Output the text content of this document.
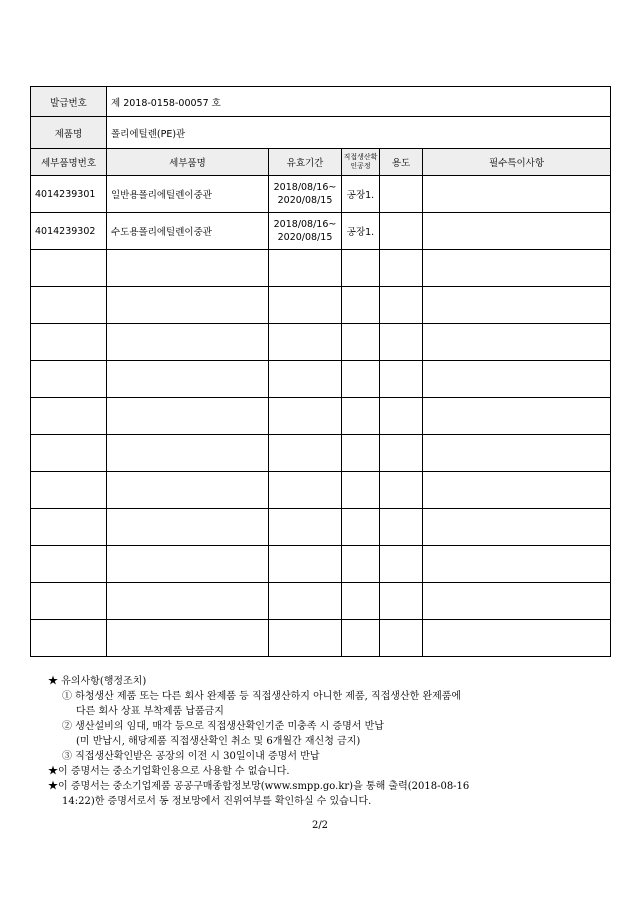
발급번호	제 2018-0158-00057 호				
제품명	폴리에틸렌(PE)관				
세부품명번호	세부품명	유효기간	직접생산확인공정	용도	필수특이사항
4014239301	일반용폴리에틸렌이중관	2018/08/16~ 2020/08/15	공장1.		
4014239302	수도용폴리에틸렌이중관	2018/08/16~ 2020/08/15	공장1.		

★ 유의사항(행정조치)
① 하청생산 제품 또는 다른 회사 완제품 등 직접생산하지 아니한 제품, 직접생산한 완제품에
다른 회사 상표 부착제품 납품금지
② 생산설비의 임대, 매각 등으로 직접생산확인기준 미충족 시 증명서 반납
(미 반납시, 해당제품 직접생산확인 취소 및 6개월간 재신청 금지)
③ 직접생산확인받은 공장의 이전 시 30일이내 증명서 반납
★이 증명서는 중소기업확인용으로 사용할 수 없습니다.
★이 증명서는 중소기업제품 공공구매종합정보망(www.smpp.go.kr)을 통해 출력(2018-08-16
14:22)한 증명서로서 동 정보망에서 진위여부를 확인하실 수 있습니다.
2/2
